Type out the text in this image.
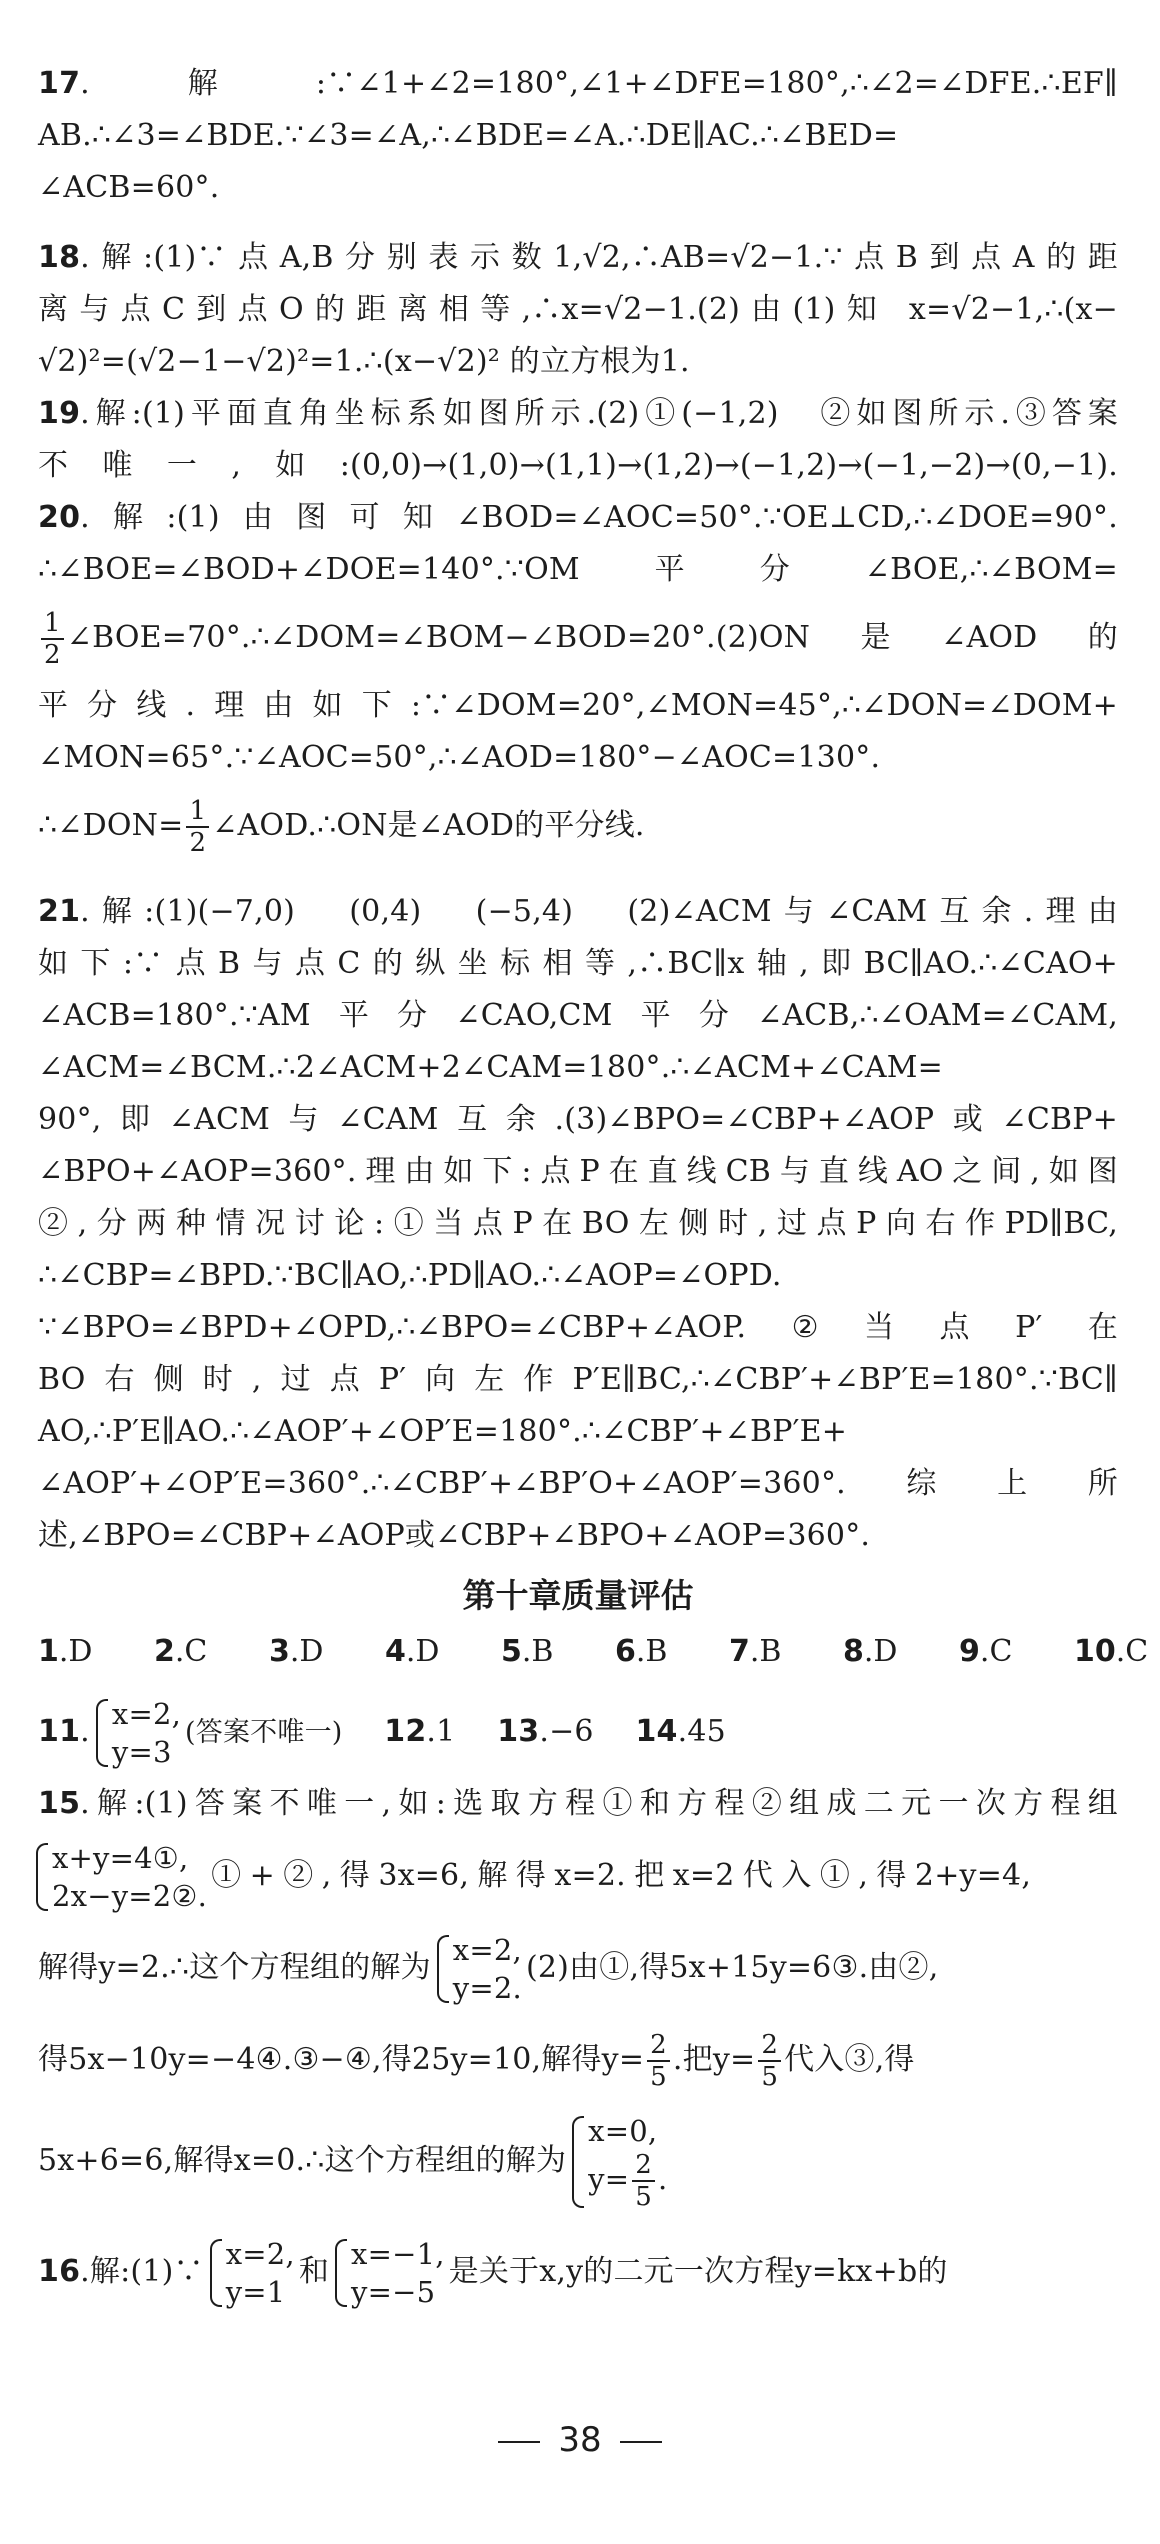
17.解:∵∠1+∠2=180°,∠1+∠DFE=180°,∴∠2=∠DFE.∴EF∥
AB.∴∠3=∠BDE.∵∠3=∠A,∴∠BDE=∠A.∴DE∥AC.∴∠BED=
∠ACB=60°.
18.解:(1)∵点A,B分别表示数1,√2,∴AB=√2−1.∵点B到点A的距
离与点C到点O的距离相等,∴x=√2−1.(2)由(1)知 x=√2−1,∴(x−
√2)²=(√2−1−√2)²=1.∴(x−√2)² 的立方根为1.
19.解:(1)平面直角坐标系如图所示.(2)①(−1,2)　②如图所示.③答案
不唯一,如:(0,0)→(1,0)→(1,1)→(1,2)→(−1,2)→(−1,−2)→(0,−1).
20.解:(1)由图可知∠BOD=∠AOC=50°.∵OE⊥CD,∴∠DOE=90°.
∴∠BOE=∠BOD+∠DOE=140°.∵OM平分∠BOE,∴∠BOM=
$\frac{1}{2}$ ∠BOE=70°.∴∠DOM=∠BOM−∠BOD=20°.(2)ON是∠AOD的
平分线.理由如下:∵∠DOM=20°,∠MON=45°,∴∠DON=∠DOM+
∠MON=65°.∵∠AOC=50°,∴∠AOD=180°−∠AOC=130°.
∴∠DON= $\frac{1}{2}$ ∠AOD.∴ON是∠AOD的平分线.
21.解:(1)(−7,0)　(0,4)　(−5,4)　(2)∠ACM与∠CAM互余.理由
如下:∵点B与点C的纵坐标相等,∴BC∥x轴,即BC∥AO.∴∠CAO+
∠ACB=180°.∵AM平分∠CAO,CM平分∠ACB,∴∠OAM=∠CAM,
∠ACM=∠BCM.∴2∠ACM+2∠CAM=180°.∴∠ACM+∠CAM=
90°,即∠ACM与∠CAM互余.(3)∠BPO=∠CBP+∠AOP或∠CBP+
∠BPO+∠AOP=360°.理由如下:点P在直线CB与直线AO之间,如图
②,分两种情况讨论:①当点P在BO左侧时,过点P向右作PD∥BC,
∴∠CBP=∠BPD.∵BC∥AO,∴PD∥AO.∴∠AOP=∠OPD.
∵∠BPO=∠BPD+∠OPD,∴∠BPO=∠CBP+∠AOP.②当点P′在
BO右侧时,过点P′向左作P′E∥BC,∴∠CBP′+∠BP′E=180°.∵BC∥
AO,∴P′E∥AO.∴∠AOP′+∠OP′E=180°.∴∠CBP′+∠BP′E+
∠AOP′+∠OP′E=360°.∴∠CBP′+∠BP′O+∠AOP′=360°.综上所
述,∠BPO=∠CBP+∠AOP或∠CBP+∠BPO+∠AOP=360°.
第十章质量评估
1.D 2.C 3.D 4.D 5.B 6.B 7.B 8.D 9.C 10.C
11. x=2,
y=3
(答案不唯一) 12.1 13.−6 14.45
15.解:(1)答案不唯一,如:选取方程①和方程②组成二元一次方程组
x+y=4①,
2x−y=2②.
①+②,得3x=6,解得x=2.把x=2代入①,得2+y=4,
解得y=2.∴这个方程组的解为 x=2,
y=2.
(2)由①,得5x+15y=6③.由②,
得5x−10y=−4④.③−④,得25y=10,解得$y= \frac{2}{5}$ .把$y= \frac{2}{5}$ 代入③,得
5x+6=6,解得x=0.∴这个方程组的解为
x=0,
$y= \frac{2}{5}$ .
16.解:(1)∵ x=2,
y=1
和 x=−1,
y=−5
是关于x,y的二元一次方程y=kx+b的
38
